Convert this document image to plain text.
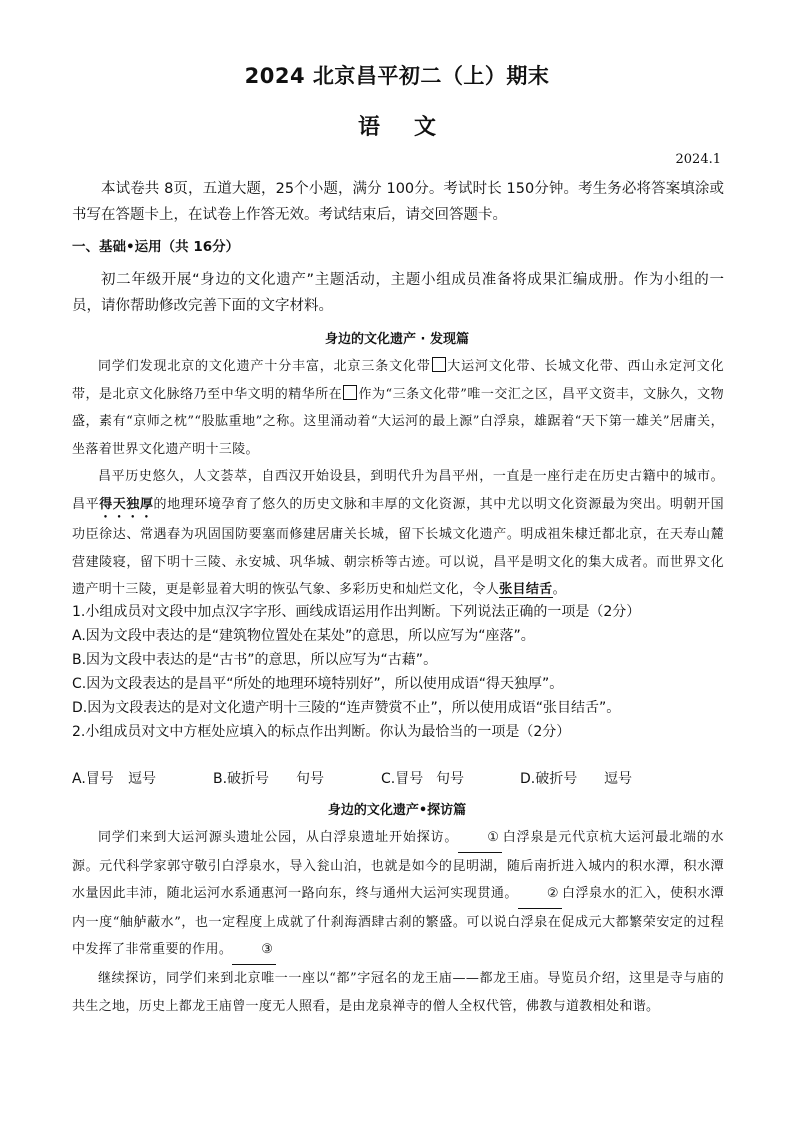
2024 北京昌平初二（上）期末
语文
2024.1

本试卷共 8页，五道大题，25个小题，满分 100分。考试时长 150分钟。考生务必将答案填涂或书写在答题卡上，在试卷上作答无效。考试结束后，请交回答题卡。

一、基础•运用（共 16分）

初二年级开展“身边的文化遗产”主题活动，主题小组成员准备将成果汇编成册。作为小组的一员，请你帮助修改完善下面的文字材料。

身边的文化遗产 · 发现篇

同学们发现北京的文化遗产十分丰富，北京三条文化带 大运河文化带、长城文化带、西山永定河文化带，是北京文化脉络乃至中华文明的精华所在 作为“三条文化带”唯一交汇之区，昌平文资丰，文脉久，文物盛，素有“京师之枕”“股肱重地”之称。这里涌动着“大运河的最上源”白浮泉，雄踞着“天下第一雄关”居庸关，坐落着世界文化遗产明十三陵。

昌平历史悠久，人文荟萃，自西汉开始设县，到明代升为昌平州，一直是一座行走在历史古籍中的城市。昌平得天独厚的地理环境孕育了悠久的历史文脉和丰厚的文化资源，其中尤以明文化资源最为突出。明朝开国功臣徐达、常遇春为巩固国防要塞而修建居庸关长城，留下长城文化遗产。明成祖朱棣迁都北京，在天寿山麓营建陵寝，留下明十三陵、永安城、巩华城、朝宗桥等古迹。可以说，昌平是明文化的集大成者。而世界文化遗产明十三陵，更是彰显着大明的恢弘气象、多彩历史和灿烂文化，令人张目结舌。

1.小组成员对文段中加点汉字字形、画线成语运用作出判断。下列说法正确的一项是（2分）

A.因为文段中表达的是“建筑物位置处在某处”的意思，所以应写为“座落”。

B.因为文段中表达的是“古书”的意思，所以应写为“古藉”。

C.因为文段表达的是昌平“所处的地理环境特别好”，所以使用成语“得天独厚”。

D.因为文段表达的是对文化遗产明十三陵的“连声赞赏不止”，所以使用成语“张目结舌”。

2.小组成员对文中方框处应填入的标点作出判断。你认为最恰当的一项是（2分）

A.冒号 逗号	B.破折号 句号	C.冒号 句号	D.破折号 逗号
身边的文化遗产•探访篇

同学们来到大运河源头遗址公园，从白浮泉遗址开始探访。 ① 白浮泉是元代京杭大运河最北端的水源。元代科学家郭守敬引白浮泉水，导入瓮山泊，也就是如今的昆明湖，随后南折进入城内的积水潭，积水潭水量因此丰沛，随北运河水系通惠河一路向东，终与通州大运河实现贯通。 ② 白浮泉水的汇入，使积水潭内一度“舳舻蔽水”，也一定程度上成就了什刹海酒肆古刹的繁盛。可以说白浮泉在促成元大都繁荣安定的过程中发挥了非常重要的作用。 ③

继续探访，同学们来到北京唯一一座以“都”字冠名的龙王庙——都龙王庙。导览员介绍，这里是寺与庙的共生之地，历史上都龙王庙曾一度无人照看，是由龙泉禅寺的僧人全权代管，佛教与道教相处和谐。
